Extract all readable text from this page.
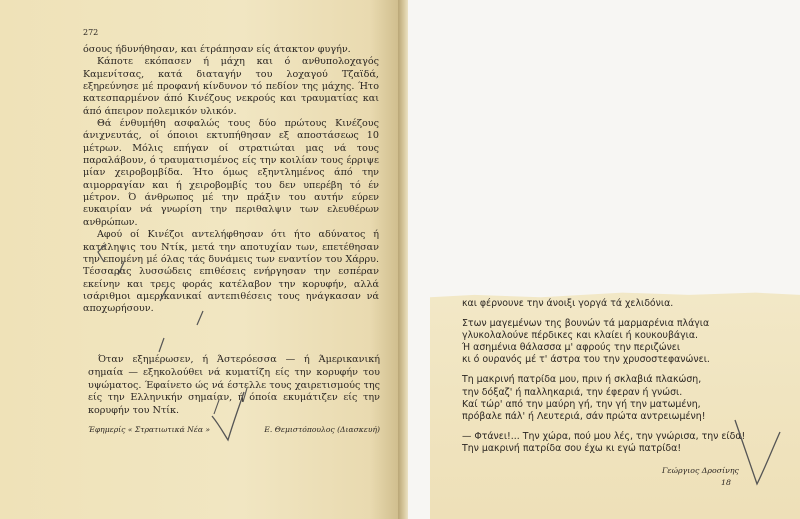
272

όσους ήδυνήθησαν, και έτράπησαν είς άτακτον φυγήν.

Κάποτε εκόπασεν ή μάχη και ό ανθυπολοχαγός Καμενίτσας, κατά διαταγήν του λοχαγού Τζαϊδά, εξηρεύνησε μέ προφανή κίνδυνον τό πεδίον της μάχης. Ήτο κατεσπαρμένον άπό Κινέζους νεκρούς και τραυματίας και άπό άπειρον πολεμικόν υλικόν.

Θά ένθυμήθη ασφαλώς τους δύο πρώτους Κινέζους άνιχνευτάς, οί όποιοι εκτυπήθησαν εξ αποστάσεως 10 μέτρων. Μόλις επήγαν οί στρατιώται μας νά τους παραλάβουν, ό τραυματισμένος είς την κοιλίαν τους έρριψε μίαν χειροβομβίδα. Ήτο όμως εξηντλημένος άπό την αιμορραγίαν και ή χειροβομβίς του δεν υπερέβη τό έν μέτρον. Ό άνθρωπος μέ την πράξιν του αυτήν εύρεν ευκαιρίαν νά γνωρίση την περιθαλψιν των ελευθέρων ανθρώπων.

Αφού οί Κινέζοι αντελήφθησαν ότι ήτο αδύνατος ή κατάληψις του Ντίκ, μετά την αποτυχίαν των, επετέθησαν την επομένη μέ όλας τάς δυνάμεις των εναντίον του Χάρρυ. Τέσσαρας λυσσώδεις επιθέσεις ενήργησαν την εσπέραν εκείνην και τρεις φοράς κατέλαβον την κορυφήν, αλλά ισάριθμοι αμερικανικαί αντεπιθέσεις τους ηνάγκασαν νά αποχωρήσουν.

Όταν εξημέρωσεν, ή Άστερόεσσα — ή Άμερικανική σημαία — εξηκολούθει νά κυματίζη είς την κορυφήν του υψώματος. Έφαίνετο ώς νά έστελλε τους χαιρετισμούς της είς την Ελληνικήν σημαίαν, ή όποία εκυμάτιζεν είς την κορυφήν του Ντίκ.

Έφημερίς « Στρατιωτικά Νέα »	Ε. Θεμιστόπουλος (Διασκευή)
και φέρνουνε την άνοιξι γοργά τά χελιδόνια.
Στων μαγεμένων της βουνών τά μαρμαρένια πλάγια
γλυκολαλούνε πέρδικες και κλαίει ή κουκουβάγια.
Ή ασημένια θάλασσα μ' αφρούς την περιζώνει
κι ό ουρανός μέ τ' άστρα του την χρυσοστεφανώνει.
Τη μακρινή πατρίδα μου, πριν ή σκλαβιά πλακώση,
την δόξαζ' ή παλληκαριά, την έφεραν ή γνώσι.
Καί τώρ' από την μαύρη γή, την γή την ματωμένη,
πρόβαλε πάλ' ή Λευτεριά, σάν πρώτα αντρειωμένη!
— Φτάνει!... Την χώρα, πού μου λές, την γνώρισα, την είδα!
Την μακρινή πατρίδα σου έχω κι εγώ πατρίδα!
Γεώργιος Δροσίνης
18
